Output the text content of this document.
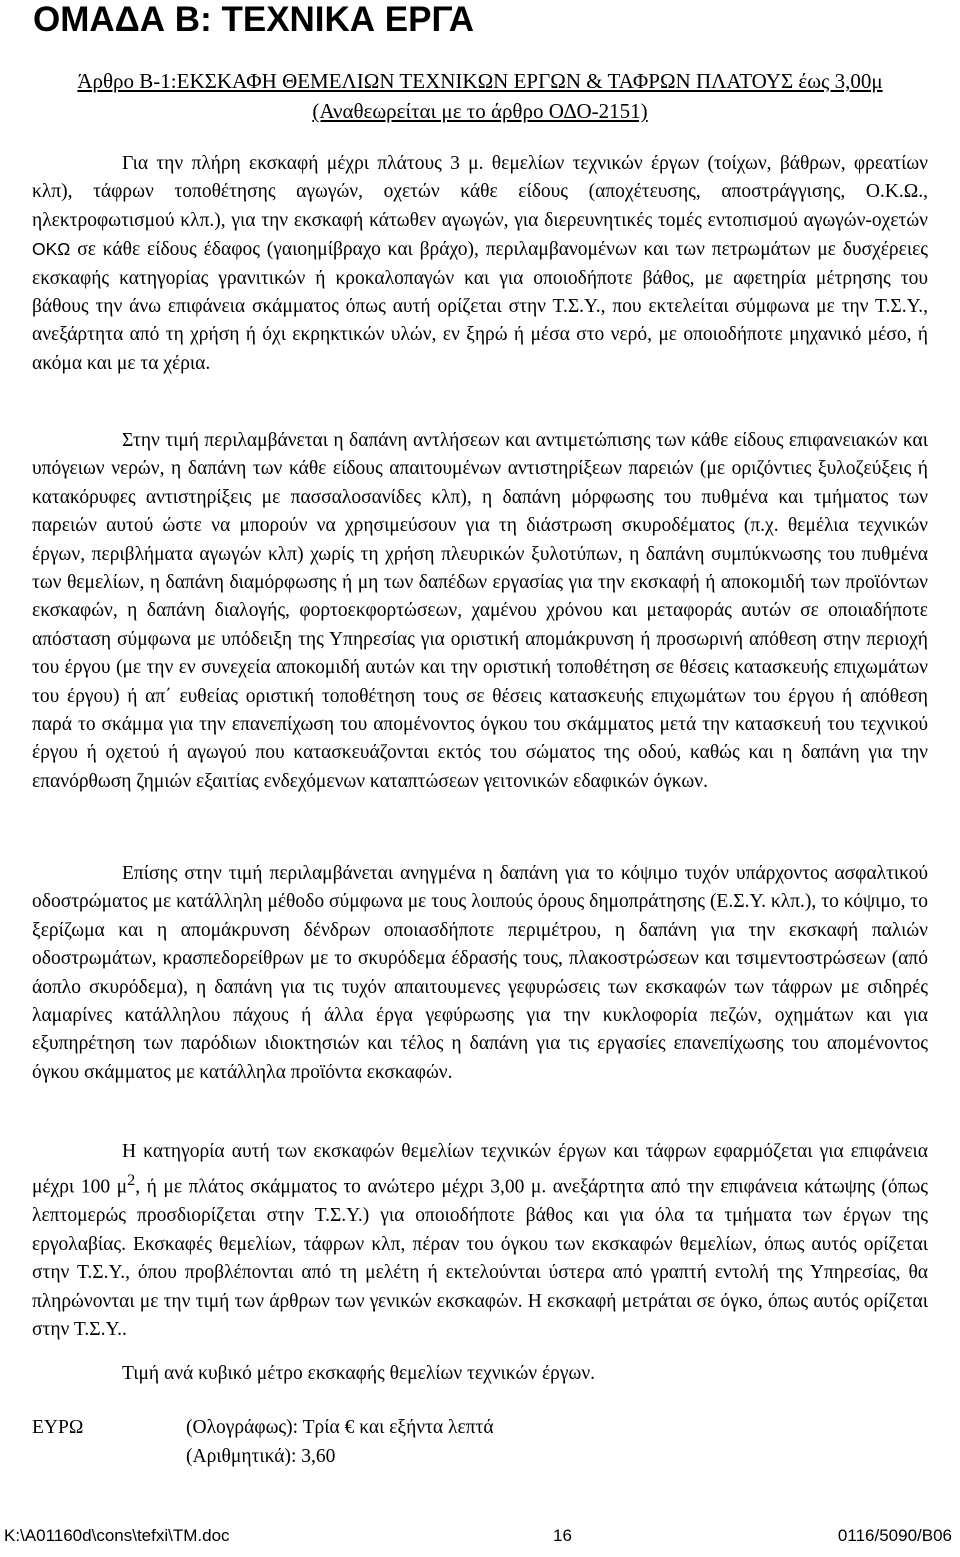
ΟΜΑΔΑ Β: ΤΕΧΝΙΚΑ ΕΡΓΑ
Άρθρο Β-1:ΕΚΣΚΑΦΗ ΘΕΜΕΛΙΩΝ ΤΕΧΝΙΚΩΝ ΕΡΓΩΝ & ΤΑΦΡΩΝ ΠΛΑΤΟΥΣ έως 3,00μ
(Αναθεωρείται με το άρθρο ΟΔΟ-2151)

Για την πλήρη εκσκαφή μέχρι πλάτους 3 μ. θεμελίων τεχνικών έργων (τοίχων, βάθρων, φρεατίων κλπ), τάφρων τοποθέτησης αγωγών, οχετών κάθε είδους (αποχέτευσης, αποστράγγισης, Ο.Κ.Ω., ηλεκτροφωτισμού κλπ.), για την εκσκαφή κάτωθεν αγωγών, για διερευνητικές τομές εντοπισμού αγωγών-οχετών ΟΚΩ σε κάθε είδους έδαφος (γαιοημίβραχο και βράχο), περιλαμβανομένων και των πετρωμάτων με δυσχέρειες εκσκαφής κατηγορίας γρανιτικών ή κροκαλοπαγών και για οποιοδήποτε βάθος, με αφετηρία μέτρησης του βάθους την άνω επιφάνεια σκάμματος όπως αυτή ορίζεται στην Τ.Σ.Υ., που εκτελείται σύμφωνα με την Τ.Σ.Υ., ανεξάρτητα από τη χρήση ή όχι εκρηκτικών υλών, εν ξηρώ ή μέσα στο νερό, με οποιοδήποτε μηχανικό μέσο, ή ακόμα και με τα χέρια.

Στην τιμή περιλαμβάνεται η δαπάνη αντλήσεων και αντιμετώπισης των κάθε είδους επιφανειακών και υπόγειων νερών, η δαπάνη των κάθε είδους απαιτουμένων αντιστηρίξεων παρειών (με οριζόντιες ξυλοζεύξεις ή κατακόρυφες αντιστηρίξεις με πασσαλοσανίδες κλπ), η δαπάνη μόρφωσης του πυθμένα και τμήματος των παρειών αυτού ώστε να μπορούν να χρησιμεύσουν για τη διάστρωση σκυροδέματος (π.χ. θεμέλια τεχνικών έργων, περιβλήματα αγωγών κλπ) χωρίς τη χρήση πλευρικών ξυλοτύπων, η δαπάνη συμπύκνωσης του πυθμένα των θεμελίων, η δαπάνη διαμόρφωσης ή μη των δαπέδων εργασίας για την εκσκαφή ή αποκομιδή των προϊόντων εκσκαφών, η δαπάνη διαλογής, φορτοεκφορτώσεων, χαμένου χρόνου και μεταφοράς αυτών σε οποιαδήποτε απόσταση σύμφωνα με υπόδειξη της Υπηρεσίας για οριστική απομάκρυνση ή προσωρινή απόθεση στην περιοχή του έργου (με την εν συνεχεία αποκομιδή αυτών και την οριστική τοποθέτηση σε θέσεις κατασκευής επιχωμάτων του έργου) ή απ΄ ευθείας οριστική τοποθέτηση τους σε θέσεις κατασκευής επιχωμάτων του έργου ή απόθεση παρά το σκάμμα για την επανεπίχωση του απομένοντος όγκου του σκάμματος μετά την κατασκευή του τεχνικού έργου ή οχετού ή αγωγού που κατασκευάζονται εκτός του σώματος της οδού, καθώς και η δαπάνη για την επανόρθωση ζημιών εξαιτίας ενδεχόμενων καταπτώσεων γειτονικών εδαφικών όγκων.

Επίσης στην τιμή περιλαμβάνεται ανηγμένα η δαπάνη για το κόψιμο τυχόν υπάρχοντος ασφαλτικού οδοστρώματος με κατάλληλη μέθοδο σύμφωνα με τους λοιπούς όρους δημοπράτησης (Ε.Σ.Υ. κλπ.), το κόψιμο, το ξερίζωμα και η απομάκρυνση δένδρων οποιασδήποτε περιμέτρου, η δαπάνη για την εκσκαφή παλιών οδοστρωμάτων, κρασπεδορείθρων με το σκυρόδεμα έδρασής τους, πλακοστρώσεων και τσιμεντοστρώσεων (από άοπλο σκυρόδεμα), η δαπάνη για τις τυχόν απαιτουμενες γεφυρώσεις των εκσκαφών των τάφρων με σιδηρές λαμαρίνες κατάλληλου πάχους ή άλλα έργα γεφύρωσης για την κυκλοφορία πεζών, οχημάτων και για εξυπηρέτηση των παρόδιων ιδιοκτησιών και τέλος η δαπάνη για τις εργασίες επανεπίχωσης του απομένοντος όγκου σκάμματος με κατάλληλα προϊόντα εκσκαφών.

Η κατηγορία αυτή των εκσκαφών θεμελίων τεχνικών έργων και τάφρων εφαρμόζεται για επιφάνεια μέχρι 100 $\mu^2$, ή με πλάτος σκάμματος το ανώτερο μέχρι 3,00 μ. ανεξάρτητα από την επιφάνεια κάτωψης (όπως λεπτομερώς προσδιορίζεται στην Τ.Σ.Υ.) για οποιοδήποτε βάθος και για όλα τα τμήματα των έργων της εργολαβίας. Εκσκαφές θεμελίων, τάφρων κλπ, πέραν του όγκου των εκσκαφών θεμελίων, όπως αυτός ορίζεται στην Τ.Σ.Υ., όπου προβλέπονται από τη μελέτη ή εκτελούνται ύστερα από γραπτή εντολή της Υπηρεσίας, θα πληρώνονται με την τιμή των άρθρων των γενικών εκσκαφών. Η εκσκαφή μετράται σε όγκο, όπως αυτός ορίζεται στην Τ.Σ.Υ..

Τιμή ανά κυβικό μέτρο εκσκαφής θεμελίων τεχνικών έργων.

ΕΥΡΩ	(Ολογράφως): Τρία € και εξήντα λεπτά
(Αριθμητικά): 3,60
K:\A01160d\cons\tefxi\TM.doc	16	0116/5090/B06
